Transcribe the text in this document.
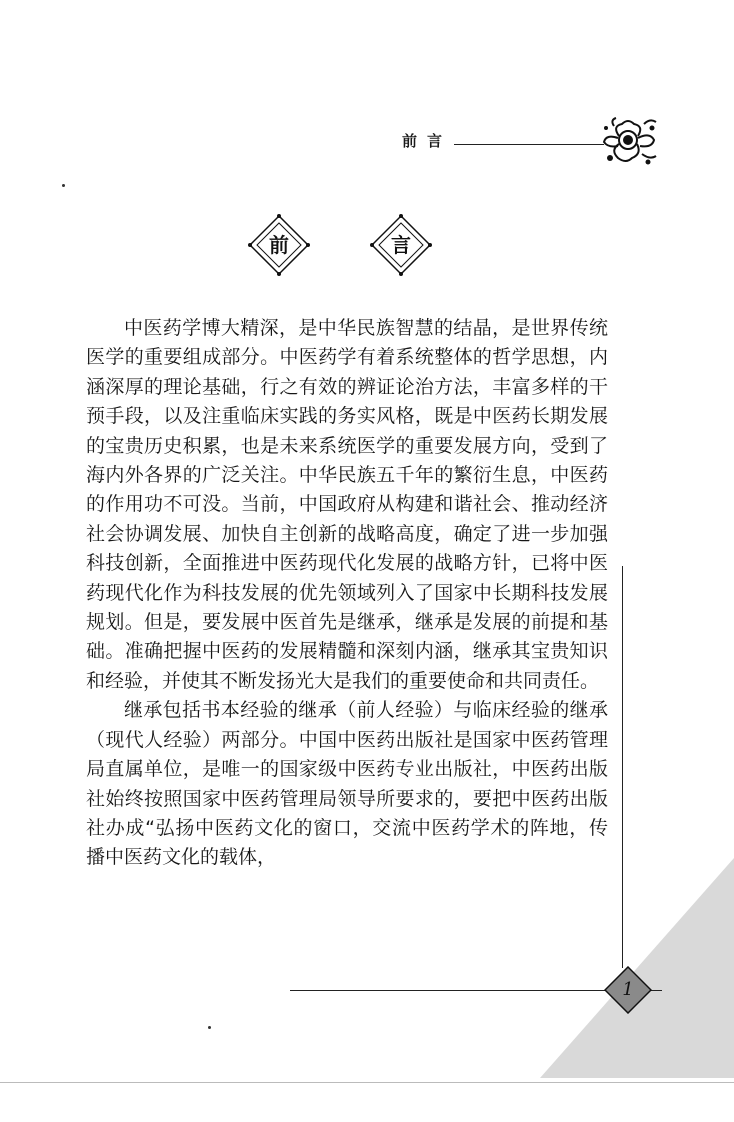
前言
前	言

中医药学博大精深，是中华民族智慧的结晶，是世界传统医学的重要组成部分。中医药学有着系统整体的哲学思想，内涵深厚的理论基础，行之有效的辨证论治方法，丰富多样的干预手段，以及注重临床实践的务实风格，既是中医药长期发展的宝贵历史积累，也是未来系统医学的重要发展方向，受到了海内外各界的广泛关注。中华民族五千年的繁衍生息，中医药的作用功不可没。当前，中国政府从构建和谐社会、推动经济社会协调发展、加快自主创新的战略高度，确定了进一步加强科技创新，全面推进中医药现代化发展的战略方针，已将中医药现代化作为科技发展的优先领域列入了国家中长期科技发展规划。但是，要发展中医首先是继承，继承是发展的前提和基础。准确把握中医药的发展精髓和深刻内涵，继承其宝贵知识和经验，并使其不断发扬光大是我们的重要使命和共同责任。

继承包括书本经验的继承（前人经验）与临床经验的继承（现代人经验）两部分。中国中医药出版社是国家中医药管理局直属单位，是唯一的国家级中医药专业出版社，中医药出版社始终按照国家中医药管理局领导所要求的，要把中医药出版社办成“弘扬中医药文化的窗口，交流中医药学术的阵地，传播中医药文化的载体，

1
